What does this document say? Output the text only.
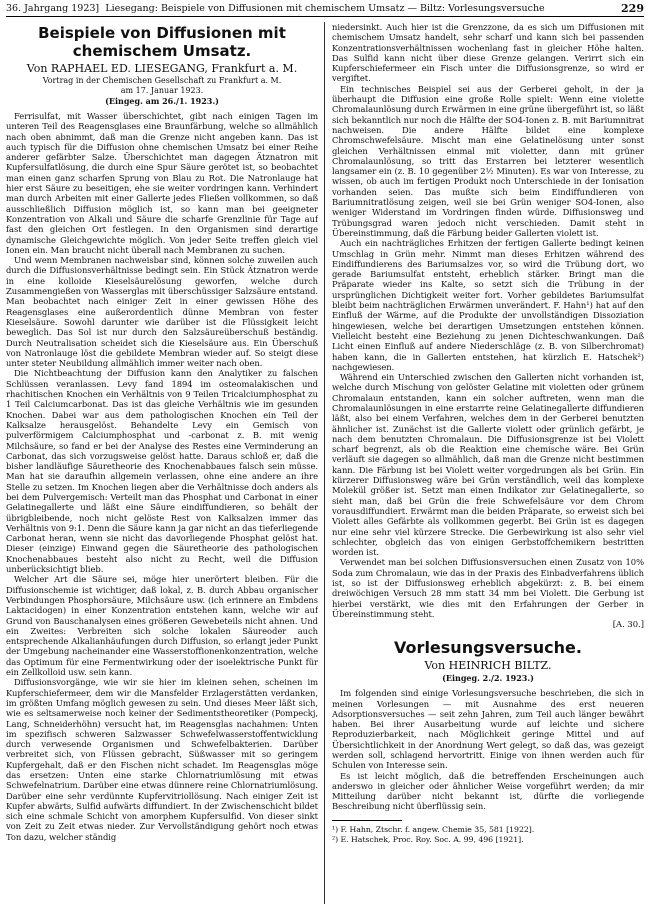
36. Jahrgang 1923] Liesegang: Beispiele von Diffusionen mit chemischem Umsatz — Biltz: Vorlesungsversuche	229
Beispiele von Diffusionen mit chemischem Umsatz.
Von RAPHAEL ED. LIESEGANG, Frankfurt a. M.
Vortrag in der Chemischen Gesellschaft zu Frankfurt a. M.
am 17. Januar 1923.
(Eingeg. am 26./1. 1923.)

Ferrisulfat, mit Wasser überschichtet, gibt nach einigen Tagen im unteren Teil des Reagensglases eine Braunfärbung, welche so allmählich nach oben abnimmt, daß man die Grenze nicht angeben kann. Das ist auch typisch für die Diffusion ohne chemischen Umsatz bei einer Reihe anderer gefärbter Salze. Überschichtet man dagegen Ätznatron mit Kupfersulfatlösung, die durch eine Spur Säure gerötet ist, so beobachtet man einen ganz scharfen Sprung von Blau zu Rot. Die Natronlauge hat hier erst Säure zu beseitigen, ehe sie weiter vordringen kann. Verhindert man durch Arbeiten mit einer Gallerte jedes Fließen vollkommen, so daß ausschließlich Diffusion möglich ist, so kann man bei geeigneter Konzentration von Alkali und Säure die scharfe Grenzlinie für Tage auf fast den gleichen Ort festlegen. In den Organismen sind derartige dynamische Gleichgewichte möglich. Von jeder Seite treffen gleich viel Ionen ein. Man braucht nicht überall nach Membranen zu suchen.

Und wenn Membranen nachweisbar sind, können solche zuweilen auch durch die Diffusionsverhältnisse bedingt sein. Ein Stück Ätznatron werde in eine kolloide Kieselsäurelösung geworfen, welche durch Zusammengießen von Wasserglas mit überschüssiger Salzsäure entstand. Man beobachtet nach einiger Zeit in einer gewissen Höhe des Reagensglases eine außerordentlich dünne Membran von fester Kieselsäure. Sowohl darunter wie darüber ist die Flüssigkeit leicht beweglich. Das Sol ist nur durch den Salzsäureüberschuß beständig. Durch Neutralisation scheidet sich die Kieselsäure aus. Ein Überschuß von Natronlauge löst die gebildete Membran wieder auf. So steigt diese unter steter Neubildung allmählich immer weiter nach oben.

Die Nichtbeachtung der Diffusion kann den Analytiker zu falschen Schlüssen veranlassen. Levy fand 1894 im osteomalakischen und rhachitischen Knochen ein Verhältnis von 9 Teilen Tricalciumphosphat zu 1 Teil Calciumcarbonat. Das ist das gleiche Verhältnis wie im gesunden Knochen. Dabei war aus dem pathologischen Knochen ein Teil der Kalksalze herausgelöst. Behandelte Levy ein Gemisch von pulverförmigem Calciumphosphat und -carbonat z. B. mit wenig Milchsäure, so fand er bei der Analyse des Restes eine Verminderung an Carbonat, das sich vorzugsweise gelöst hatte. Daraus schloß er, daß die bisher landläufige Säuretheorie des Knochenabbaues falsch sein müsse. Man hat sie daraufhin allgemein verlassen, ohne eine andere an ihre Stelle zu setzen. Im Knochen liegen aber die Verhältnisse doch anders als bei dem Pulvergemisch: Verteilt man das Phosphat und Carbonat in einer Gelatinegallerte und läßt eine Säure eindiffundieren, so behält der übrigbleibende, noch nicht gelöste Rest von Kalksalzen immer das Verhältnis von 9:1. Denn die Säure kann ja gar nicht an das tieferliegende Carbonat heran, wenn sie nicht das davorliegende Phosphat gelöst hat. Dieser (einzige) Einwand gegen die Säuretheorie des pathologischen Knochenabbaues besteht also nicht zu Recht, weil die Diffusion unberücksichtigt blieb.

Welcher Art die Säure sei, möge hier unerörtert bleiben. Für die Diffusionschemie ist wichtiger, daß lokal, z. B. durch Abbau organischer Verbindungen Phosphorsäure, Milchsäure usw. (ich erinnere an Embdens Laktacidogen) in einer Konzentration entstehen kann, welche wir auf Grund von Bauschanalysen eines größeren Gewebeteils nicht ahnen. Und ein Zweites: Verbreiten sich solche lokalen Säureoder auch entsprechende Alkalianhäufungen durch Diffusion, so erlangt jeder Punkt der Umgebung nacheinander eine Wasserstoffionenkonzentration, welche das Optimum für eine Fermentwirkung oder der isoelektrische Punkt für ein Zellkolloid usw. sein kann.

Diffusionsvorgänge, wie wir sie hier im kleinen sehen, scheinen im Kupferschiefermeer, dem wir die Mansfelder Erzlagerstätten verdanken, im größten Umfang möglich gewesen zu sein. Und dieses Meer läßt sich, wie es seltsamerweise noch keiner der Sedimentstheoretiker (Pompeckj, Lang, Schneiderhöhn) versucht hat, im Reagensglas nachahmen: Unten im spezifisch schweren Salzwasser Schwefelwasserstoffentwicklung durch verwesende Organismen und Schwefelbakterien. Darüber verbreitet sich, von Flüssen gebracht, Süßwasser mit so geringem Kupfergehalt, daß er den Fischen nicht schadet. Im Reagensglas möge das ersetzen: Unten eine starke Chlornatriumlösung mit etwas Schwefelnatrium. Darüber eine etwas dünnere reine Chlornatriumlösung. Darüber eine sehr verdünnte Kupfervitriollösung. Nach einiger Zeit ist Kupfer abwärts, Sulfid aufwärts diffundiert. In der Zwischenschicht bildet sich eine schmale Schicht von amorphem Kupfersulfid. Von dieser sinkt von Zeit zu Zeit etwas nieder. Zur Vervollständigung gehört noch etwas Ton dazu, welcher ständig

niedersinkt. Auch hier ist die Grenzzone, da es sich um Diffusionen mit chemischem Umsatz handelt, sehr scharf und kann sich bei passenden Konzentrationsverhältnissen wochenlang fast in gleicher Höhe halten. Das Sulfid kann nicht über diese Grenze gelangen. Verirrt sich ein Kupferschiefermeer ein Fisch unter die Diffusionsgrenze, so wird er vergiftet.

Ein technisches Beispiel sei aus der Gerberei geholt, in der ja überhaupt die Diffusion eine große Rolle spielt: Wenn eine violette Chromalaunlösung durch Erwärmen in eine grüne übergeführt ist, so läßt sich bekanntlich nur noch die Hälfte der SO4-Ionen z. B. mit Bariumnitrat nachweisen. Die andere Hälfte bildet eine komplexe Chromschwefelsäure. Mischt man eine Gelatinelösung unter sonst gleichen Verhältnissen einmal mit violetter, dann mit grüner Chromalaunlösung, so tritt das Erstarren bei letzterer wesentlich langsamer ein (z. B. 10 gegenüber 2½ Minuten). Es war von Interesse, zu wissen, ob auch im fertigen Produkt noch Unterschiede in der Ionisation vorhanden seien. Das mußte sich beim Eindiffundieren von Bariumnitratlösung zeigen, weil sie bei Grün weniger SO4-Ionen, also weniger Widerstand im Vordringen finden würde. Diffusionsweg und Trübungsgrad waren jedoch nicht verschieden. Damit steht in Übereinstimmung, daß die Färbung beider Gallerten violett ist.

Auch ein nachträgliches Erhitzen der fertigen Gallerte bedingt keinen Umschlag in Grün mehr. Nimmt man dieses Erhitzen während des Eindiffundierens des Bariumsalzes vor, so wird die Trübung dort, wo gerade Bariumsulfat entsteht, erheblich stärker. Bringt man die Präparate wieder ins Kalte, so setzt sich die Trübung in der ursprünglichen Dichtigkeit weiter fort. Vorher gebildetes Bariumsulfat bleibt beim nachträglichen Erwärmen unverändert. F. Hahn¹) hat auf den Einfluß der Wärme, auf die Produkte der unvollständigen Dissoziation hingewiesen, welche bei derartigen Umsetzungen entstehen können. Vielleicht besteht eine Beziehung zu jenen Dichteschwankungen. Daß Licht einen Einfluß auf andere Niederschläge (z. B. von Silberchromat) haben kann, die in Gallerten entstehen, hat kürzlich E. Hatschek²) nachgewiesen.

Während ein Unterschied zwischen den Gallerten nicht vorhanden ist, welche durch Mischung von gelöster Gelatine mit violetten oder grünem Chromalaun entstanden, kann ein solcher auftreten, wenn man die Chromalaunlösungen in eine erstarrte reine Gelatinegallerte diffundieren läßt, also bei einem Verfahren, welches dem in der Gerberei benutzten ähnlicher ist. Zunächst ist die Gallerte violett oder grünlich gefärbt, je nach dem benutzten Chromalaun. Die Diffusionsgrenze ist bei Violett scharf begrenzt, als ob die Reaktion eine chemische wäre. Bei Grün verläuft sie dagegen so allmählich, daß man die Grenze nicht bestimmen kann. Die Färbung ist bei Violett weiter vorgedrungen als bei Grün. Ein kürzerer Diffusionsweg wäre bei Grün verständlich, weil das komplexe Molekül größer ist. Setzt man einen Indikator zur Gelatinegallerte, so sieht man, daß bei Grün die freie Schwefelsäure vor dem Chrom vorausdiffundiert. Erwärmt man die beiden Präparate, so erweist sich bei Violett alles Gefärbte als vollkommen gegerbt. Bei Grün ist es dagegen nur eine sehr viel kürzere Strecke. Die Gerbewirkung ist also sehr viel schlechter, obgleich das von einigen Gerbstoffchemikern bestritten worden ist.

Verwendet man bei solchen Diffusionsversuchen einen Zusatz von 10% Soda zum Chromalaun, wie das in der Praxis des Einbadverfahrens üblich ist, so ist der Diffusionsweg erheblich abgekürzt: z. B. bei einem dreiwöchigen Versuch 28 mm statt 34 mm bei Violett. Die Gerbung ist hierbei verstärkt, wie dies mit den Erfahrungen der Gerber in Übereinstimmung steht.

[A. 30.]
Vorlesungsversuche.
Von HEINRICH BILTZ.
(Eingeg. 2./2. 1923.)

Im folgenden sind einige Vorlesungsversuche beschrieben, die sich in meinen Vorlesungen — mit Ausnahme des erst neueren Adsorptionsversuches — seit zehn Jahren, zum Teil auch länger bewährt haben. Bei ihrer Ausarbeitung wurde auf leichte und sichere Reproduzierbarkeit, nach Möglichkeit geringe Mittel und auf Übersichtlichkeit in der Anordnung Wert gelegt, so daß das, was gezeigt werden soll, schlagend hervortritt. Einige von ihnen werden auch für Schulen von Interesse sein.

Es ist leicht möglich, daß die betreffenden Erscheinungen auch anderswo in gleicher oder ähnlicher Weise vorgeführt werden; da mir Mitteilung darüber nicht bekannt ist, dürfte die vorliegende Beschreibung nicht überflüssig sein.

¹) F. Hahn, Ztschr. f. angew. Chemie 35, 581 [1922].

²) E. Hatschek, Proc. Roy. Soc. A. 99, 496 [1921].
